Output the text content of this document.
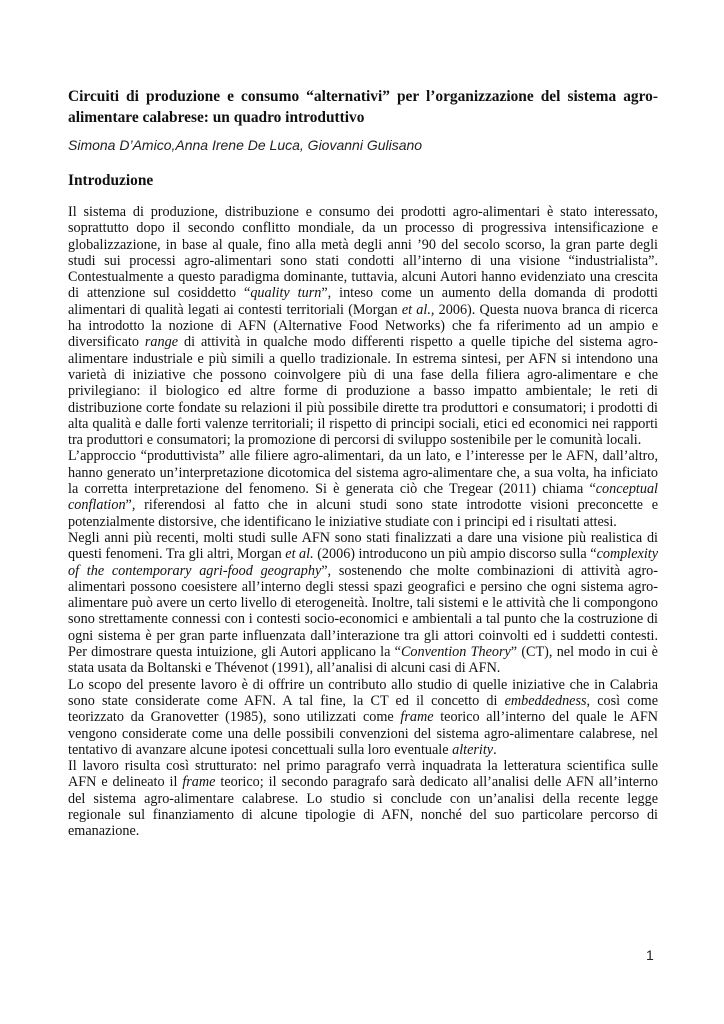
Circuiti di produzione e consumo “alternativi” per l’organizzazione del sistema agro-alimentare calabrese: un quadro introduttivo
Simona D’Amico,Anna Irene De Luca, Giovanni Gulisano
Introduzione

Il sistema di produzione, distribuzione e consumo dei prodotti agro-alimentari è stato interessato, soprattutto dopo il secondo conflitto mondiale, da un processo di progressiva intensificazione e globalizzazione, in base al quale, fino alla metà degli anni ’90 del secolo scorso, la gran parte degli studi sui processi agro-alimentari sono stati condotti all’interno di una visione “industrialista”. Contestualmente a questo paradigma dominante, tuttavia, alcuni Autori hanno evidenziato una crescita di attenzione sul cosiddetto “quality turn”, inteso come un aumento della domanda di prodotti alimentari di qualità legati ai contesti territoriali (Morgan et al., 2006). Questa nuova branca di ricerca ha introdotto la nozione di AFN (Alternative Food Networks) che fa riferimento ad un ampio e diversificato range di attività in qualche modo differenti rispetto a quelle tipiche del sistema agro-alimentare industriale e più simili a quello tradizionale. In estrema sintesi, per AFN si intendono una varietà di iniziative che possono coinvolgere più di una fase della filiera agro-alimentare e che privilegiano: il biologico ed altre forme di produzione a basso impatto ambientale; le reti di distribuzione corte fondate su relazioni il più possibile dirette tra produttori e consumatori; i prodotti di alta qualità e dalle forti valenze territoriali; il rispetto di principi sociali, etici ed economici nei rapporti tra produttori e consumatori; la promozione di percorsi di sviluppo sostenibile per le comunità locali.

L’approccio “produttivista” alle filiere agro-alimentari, da un lato, e l’interesse per le AFN, dall’altro, hanno generato un’interpretazione dicotomica del sistema agro-alimentare che, a sua volta, ha inficiato la corretta interpretazione del fenomeno. Si è generata ciò che Tregear (2011) chiama “conceptual conflation”, riferendosi al fatto che in alcuni studi sono state introdotte visioni preconcette e potenzialmente distorsive, che identificano le iniziative studiate con i principi ed i risultati attesi.

Negli anni più recenti, molti studi sulle AFN sono stati finalizzati a dare una visione più realistica di questi fenomeni. Tra gli altri, Morgan et al. (2006) introducono un più ampio discorso sulla “complexity of the contemporary agri-food geography”, sostenendo che molte combinazioni di attività agro-alimentari possono coesistere all’interno degli stessi spazi geografici e persino che ogni sistema agro-alimentare può avere un certo livello di eterogeneità. Inoltre, tali sistemi e le attività che li compongono sono strettamente connessi con i contesti socio-economici e ambientali a tal punto che la costruzione di ogni sistema è per gran parte influenzata dall’interazione tra gli attori coinvolti ed i suddetti contesti. Per dimostrare questa intuizione, gli Autori applicano la “Convention Theory” (CT), nel modo in cui è stata usata da Boltanski e Thévenot (1991), all’analisi di alcuni casi di AFN.

Lo scopo del presente lavoro è di offrire un contributo allo studio di quelle iniziative che in Calabria sono state considerate come AFN. A tal fine, la CT ed il concetto di embeddedness, così come teorizzato da Granovetter (1985), sono utilizzati come frame teorico all’interno del quale le AFN vengono considerate come una delle possibili convenzioni del sistema agro-alimentare calabrese, nel tentativo di avanzare alcune ipotesi concettuali sulla loro eventuale alterity.

Il lavoro risulta così strutturato: nel primo paragrafo verrà inquadrata la letteratura scientifica sulle AFN e delineato il frame teorico; il secondo paragrafo sarà dedicato all’analisi delle AFN all’interno del sistema agro-alimentare calabrese. Lo studio si conclude con un’analisi della recente legge regionale sul finanziamento di alcune tipologie di AFN, nonché del suo particolare percorso di emanazione.

1
